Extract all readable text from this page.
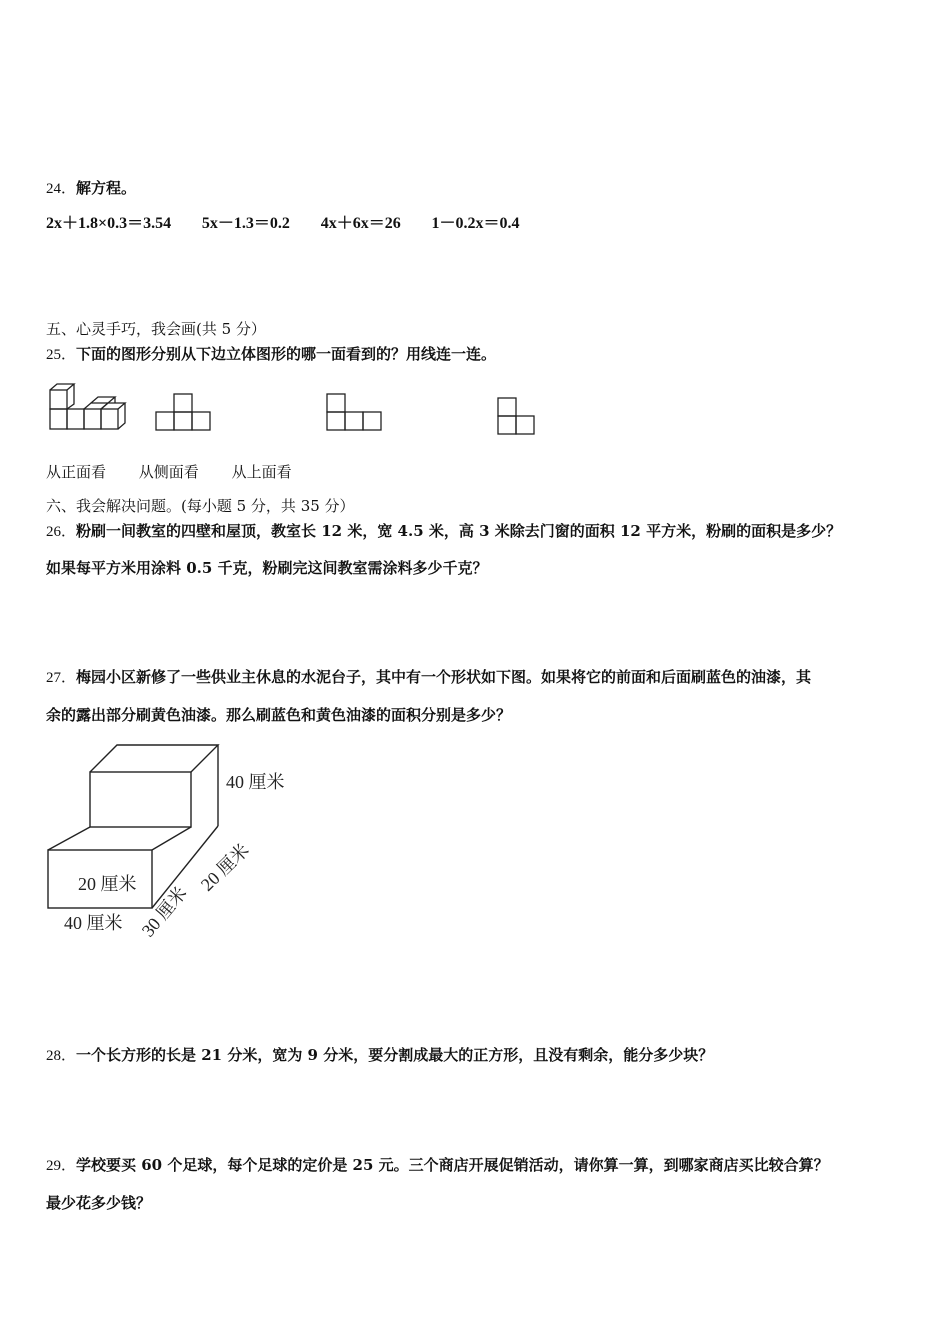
24．解方程。
2x＋1.8×0.3＝3.54 5x－1.3＝0.2 4x＋6x＝26 1－0.2x＝0.4
五、心灵手巧，我会画(共 5 分）
25．下面的图形分别从下边立体图形的哪一面看到的？用线连一连。
从正面看 从侧面看 从上面看
六、我会解决问题。(每小题 5 分，共 35 分）
26．粉刷一间教室的四壁和屋顶，教室长 12 米，宽 4.5 米，高 3 米除去门窗的面积 12 平方米，粉刷的面积是多少？
如果每平方米用涂料 0.5 千克，粉刷完这间教室需涂料多少千克？
27．梅园小区新修了一些供业主休息的水泥台子，其中有一个形状如下图。如果将它的前面和后面刷蓝色的油漆，其
余的露出部分刷黄色油漆。那么刷蓝色和黄色油漆的面积分别是多少？
40 厘米
20 厘米
40 厘米 30 厘米
20 厘米
28．一个长方形的长是 21 分米，宽为 9 分米，要分割成最大的正方形，且没有剩余，能分多少块？
29．学校要买 60 个足球，每个足球的定价是 25 元。三个商店开展促销活动，请你算一算，到哪家商店买比较合算？
最少花多少钱？
